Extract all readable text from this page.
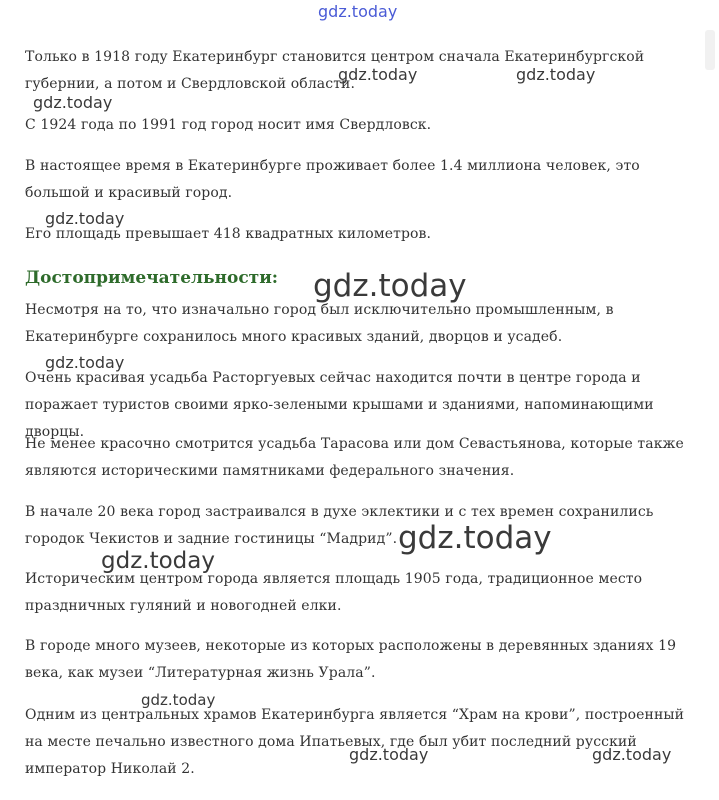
Только в 1918 году Екатеринбург становится центром сначала Екатеринбургской губернии, а потом и Свердловской области.

С 1924 года по 1991 год город носит имя Свердловск.

В настоящее время в Екатеринбурге проживает более 1.4 миллиона человек, это большой и красивый город.

Его площадь превышает 418 квадратных километров.

Достопримечательности:

Несмотря на то, что изначально город был исключительно промышленным, в Екатеринбурге сохранилось много красивых зданий, дворцов и усадеб.

Очень красивая усадьба Расторгуевых сейчас находится почти в центре города и поражает туристов своими ярко-зелеными крышами и зданиями, напоминающими дворцы.

Не менее красочно смотрится усадьба Тарасова или дом Севастьянова, которые также являются историческими памятниками федерального значения.

В начале 20 века город застраивался в духе эклектики и с тех времен сохранились городок Чекистов и задние гостиницы “Мадрид”.

Историческим центром города является площадь 1905 года, традиционное место праздничных гуляний и новогодней елки.

В городе много музеев, некоторые из которых расположены в деревянных зданиях 19 века, как музеи “Литературная жизнь Урала”.

Одним из центральных храмов Екатеринбурга является “Храм на крови”, построенный на месте печально известного дома Ипатьевых, где был убит последний русский император Николай 2.

gdz.today
gdz.today	gdz.today
gdz.today
gdz.today
gdz.today
gdz.today
gdz.today
gdz.today
gdz.today
gdz.today	gdz.today
